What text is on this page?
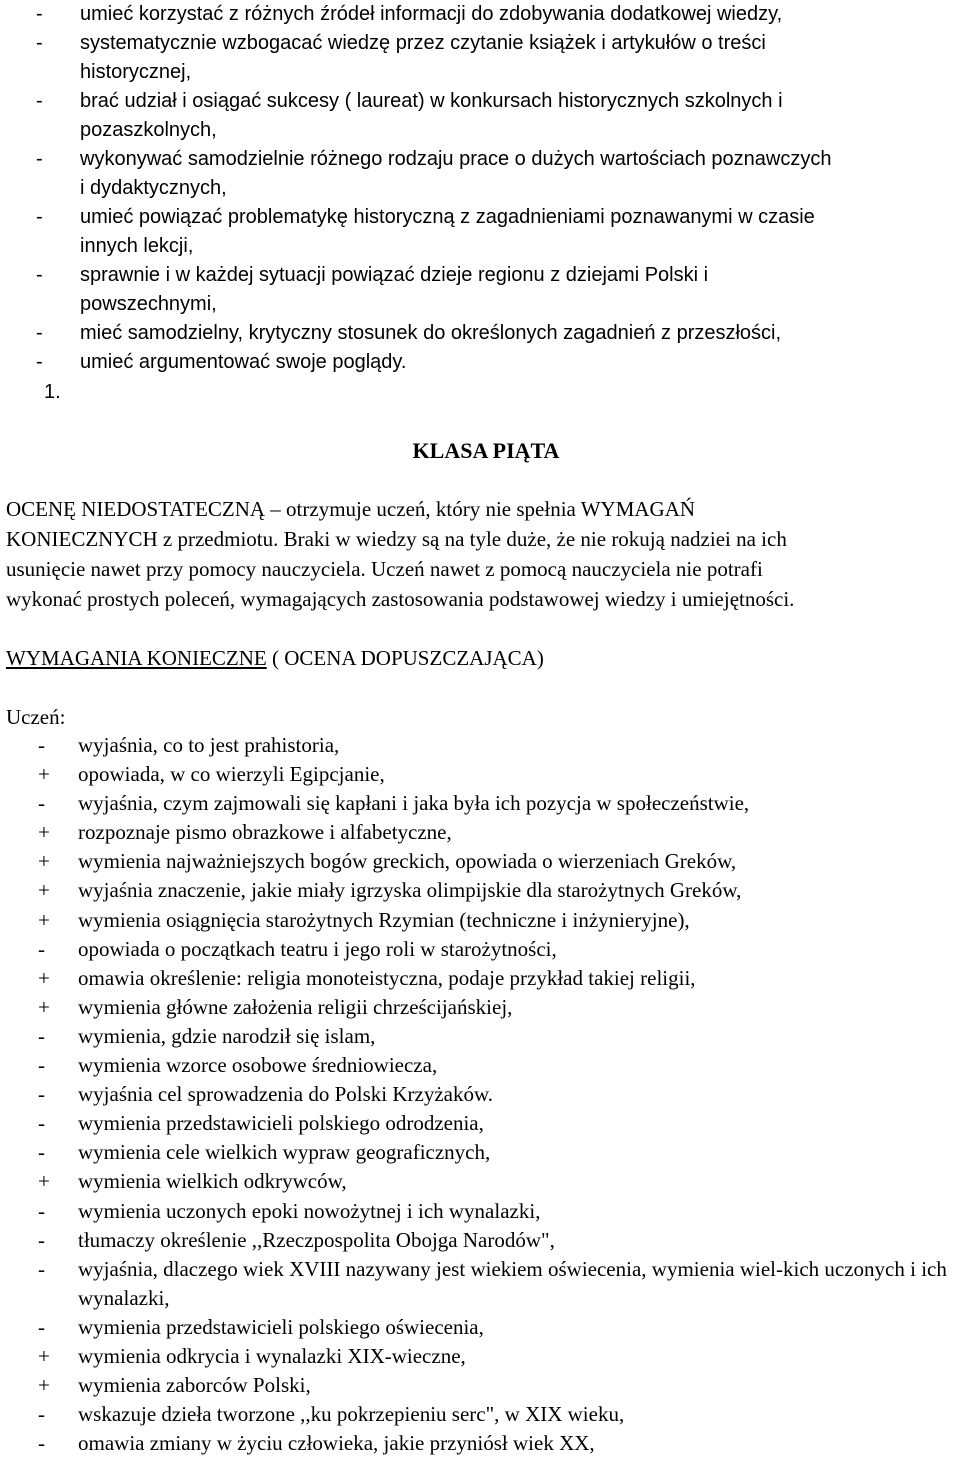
- umieć korzystać z różnych źródeł informacji do zdobywania dodatkowej wiedzy,
- systematycznie wzbogacać wiedzę przez czytanie książek i artykułów o treści
historycznej,
- brać udział i osiągać sukcesy ( laureat) w konkursach historycznych szkolnych i
pozaszkolnych,
- wykonywać samodzielnie różnego rodzaju prace o dużych wartościach poznawczych
i dydaktycznych,
- umieć powiązać problematykę historyczną z zagadnieniami poznawanymi w czasie
innych lekcji,
- sprawnie i w każdej sytuacji powiązać dzieje regionu z dziejami Polski i
powszechnymi,
- mieć samodzielny, krytyczny stosunek do określonych zagadnień z przeszłości,
- umieć argumentować swoje poglądy.
1.
KLASA PIĄTA
OCENĘ NIEDOSTATECZNĄ – otrzymuje uczeń, który nie spełnia WYMAGAŃ
KONIECZNYCH z przedmiotu. Braki w wiedzy są na tyle duże, że nie rokują nadziei na ich
usunięcie nawet przy pomocy nauczyciela. Uczeń nawet z pomocą nauczyciela nie potrafi
wykonać prostych poleceń, wymagających zastosowania podstawowej wiedzy i umiejętności.
WYMAGANIA KONIECZNE ( OCENA DOPUSZCZAJĄCA)
Uczeń:
- wyjaśnia, co to jest prahistoria,
+ opowiada, w co wierzyli Egipcjanie,
- wyjaśnia, czym zajmowali się kapłani i jaka była ich pozycja w społeczeństwie,
+ rozpoznaje pismo obrazkowe i alfabetyczne,
+ wymienia najważniejszych bogów greckich, opowiada o wierzeniach Greków,
+ wyjaśnia znaczenie, jakie miały igrzyska olimpijskie dla starożytnych Greków,
+ wymienia osiągnięcia starożytnych Rzymian (techniczne i inżynieryjne),
- opowiada o początkach teatru i jego roli w starożytności,
+ omawia określenie: religia monoteistyczna, podaje przykład takiej religii,
+ wymienia główne założenia religii chrześcijańskiej,
- wymienia, gdzie narodził się islam,
- wymienia wzorce osobowe średniowiecza,
- wyjaśnia cel sprowadzenia do Polski Krzyżaków.
- wymienia przedstawicieli polskiego odrodzenia,
- wymienia cele wielkich wypraw geograficznych,
+ wymienia wielkich odkrywców,
- wymienia uczonych epoki nowożytnej i ich wynalazki,
- tłumaczy określenie ,,Rzeczpospolita Obojga Narodów",
- wyjaśnia, dlaczego wiek XVIII nazywany jest wiekiem oświecenia, wymienia wiel-kich uczonych i ich wynalazki,
- wymienia przedstawicieli polskiego oświecenia,
+ wymienia odkrycia i wynalazki XIX-wieczne,
+ wymienia zaborców Polski,
- wskazuje dzieła tworzone ,,ku pokrzepieniu serc", w XIX wieku,
- omawia zmiany w życiu człowieka, jakie przyniósł wiek XX,
